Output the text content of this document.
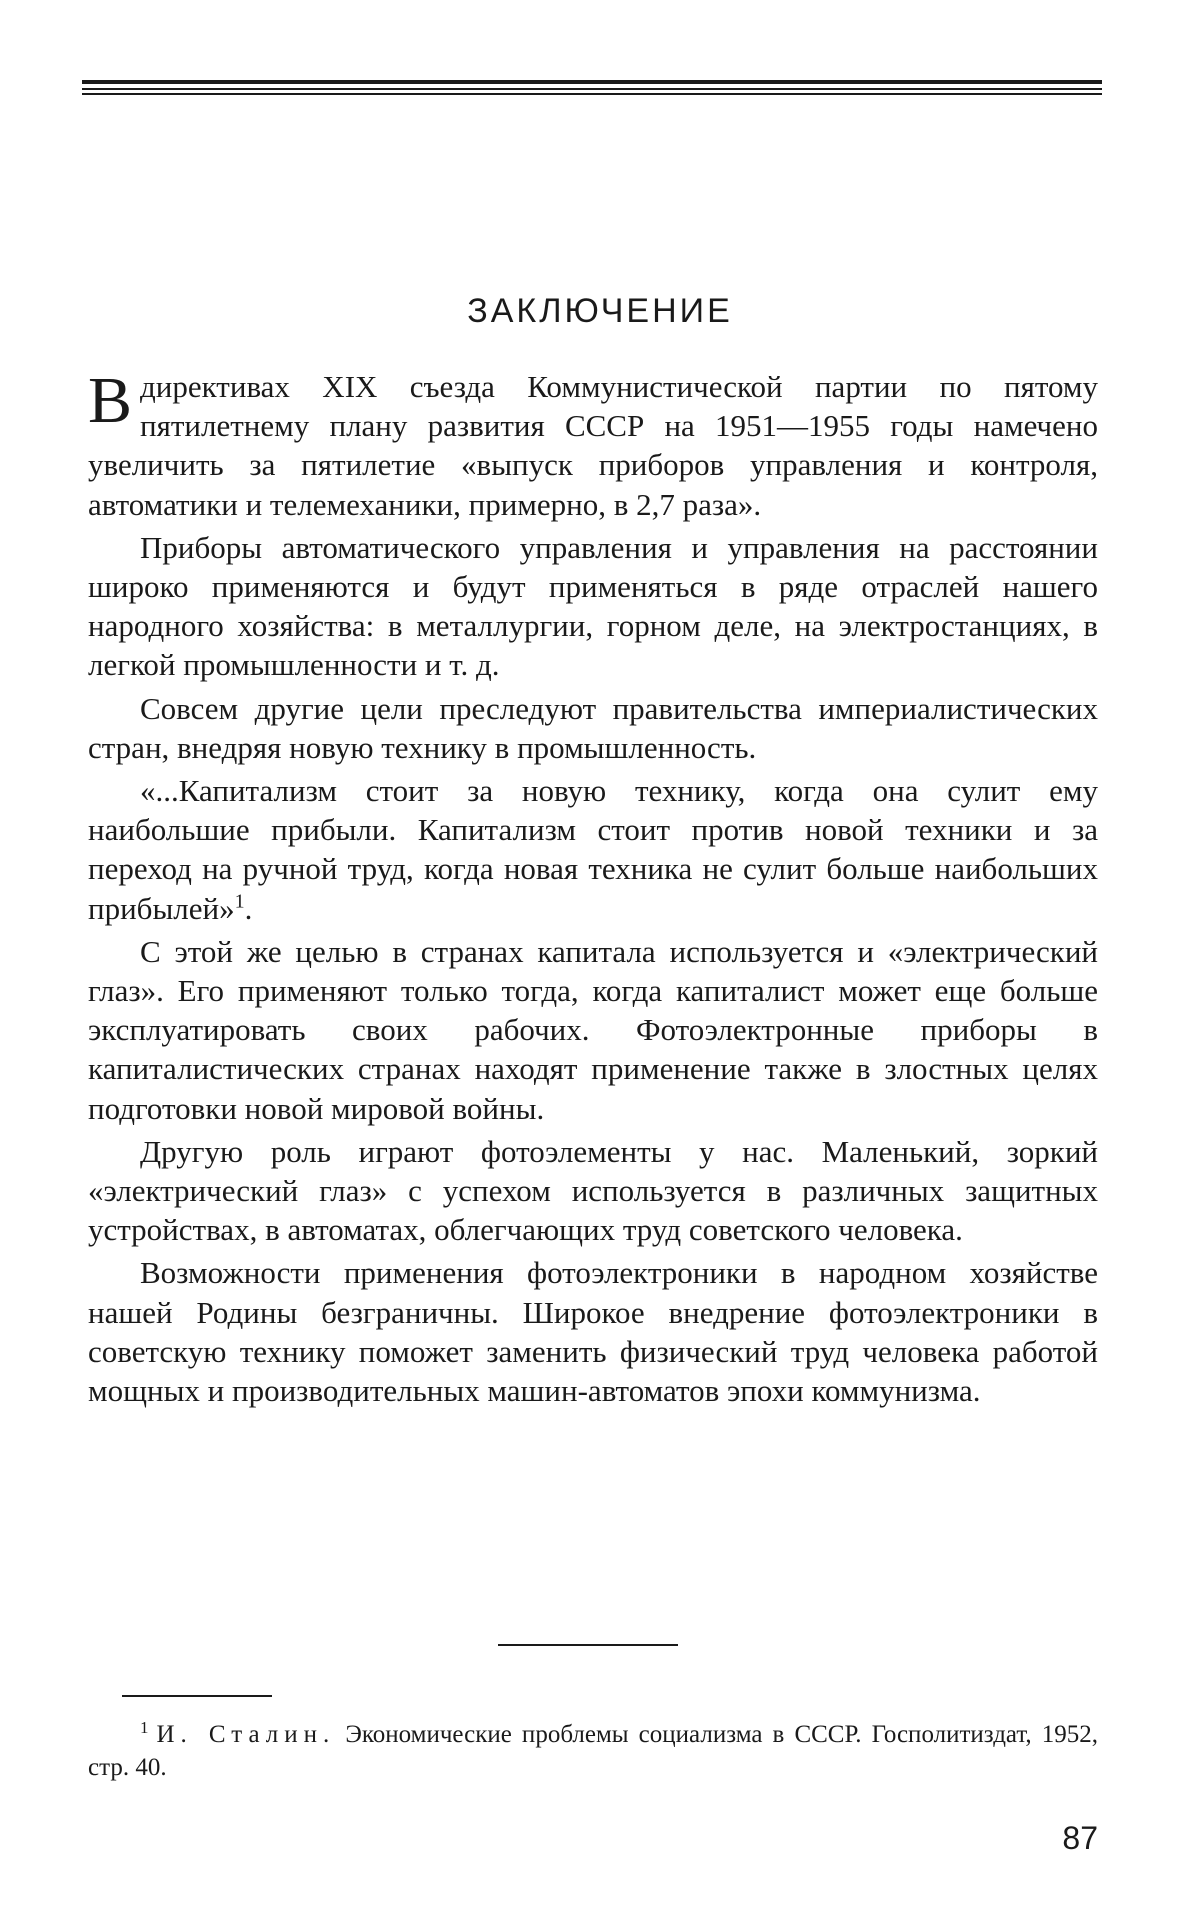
ЗАКЛЮЧЕНИЕ

Вдирективах XIX съезда Коммунистической партии по пятому пятилетнему плану развития СССР на 1951—1955 годы намечено увеличить за пятилетие «выпуск приборов управления и контроля, автоматики и телемеханики, примерно, в 2,7 раза».

Приборы автоматического управления и управления на расстоянии широко применяются и будут применяться в ряде отраслей нашего народного хозяйства: в металлургии, горном деле, на электростанциях, в легкой промышленности и т. д.

Совсем другие цели преследуют правительства империалистических стран, внедряя новую технику в промышленность.

«...Капитализм стоит за новую технику, когда она сулит ему наибольшие прибыли. Капитализм стоит против новой техники и за переход на ручной труд, когда новая техника не сулит больше наибольших прибылей»$^1$.

С этой же целью в странах капитала используется и «электрический глаз». Его применяют только тогда, когда капиталист может еще больше эксплуатировать своих рабочих. Фотоэлектронные приборы в капиталистических странах находят применение также в злостных целях подготовки новой мировой войны.

Другую роль играют фотоэлементы у нас. Маленький, зоркий «электрический глаз» с успехом используется в различных защитных устройствах, в автоматах, облегчающих труд советского человека.

Возможности применения фотоэлектроники в народном хозяйстве нашей Родины безграничны. Широкое внедрение фотоэлектроники в советскую технику поможет заменить физический труд человека работой мощных и производительных машин-автоматов эпохи коммунизма.

$^1$ И. Сталин. Экономические проблемы социализма в СССР. Госполитиздат, 1952, стр. 40.

87
